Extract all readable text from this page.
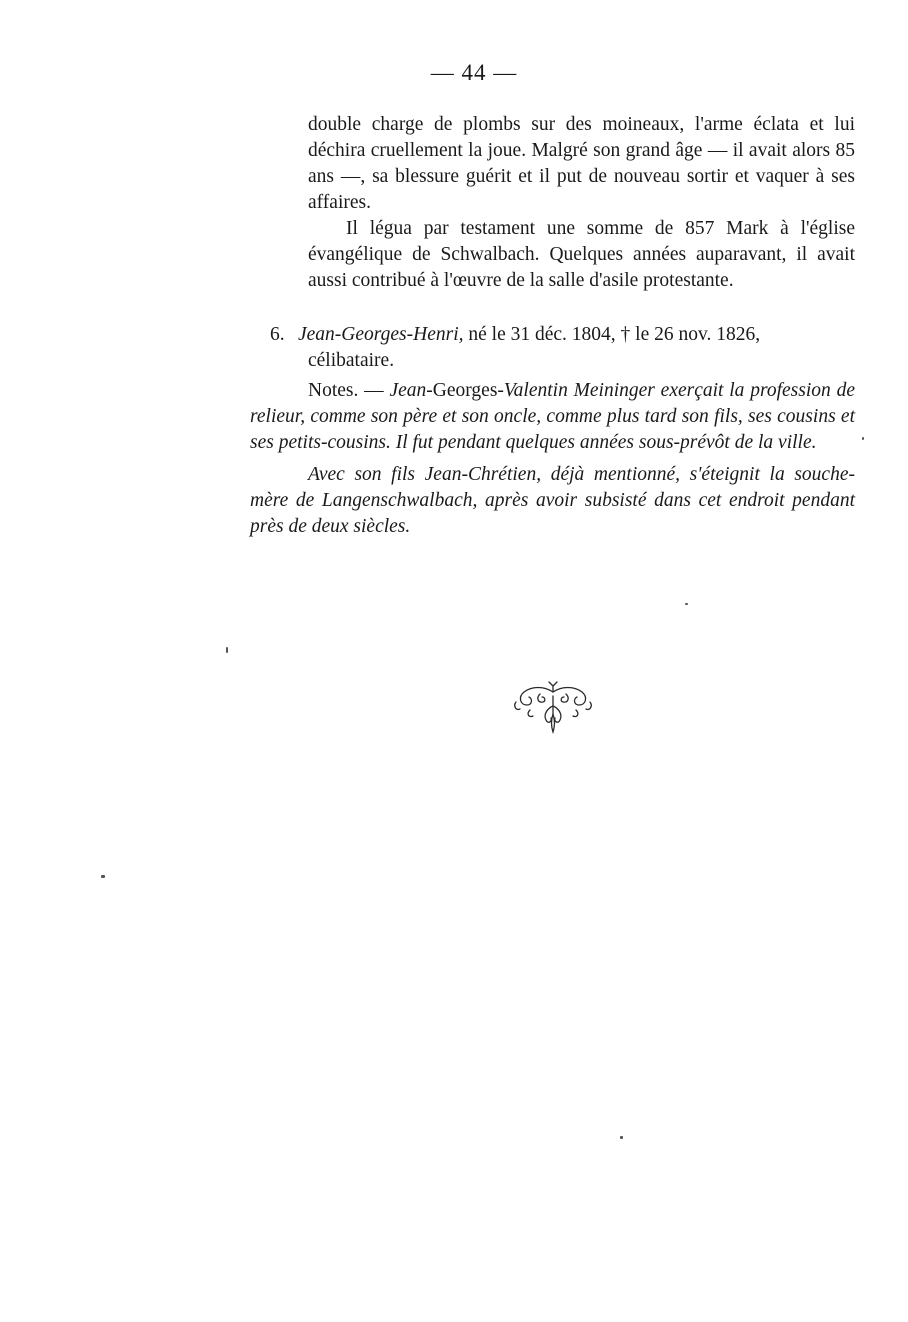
— 44 —

double charge de plombs sur des moineaux, l'arme éclata et lui déchira cruellement la joue. Malgré son grand âge — il avait alors 85 ans —, sa blessure guérit et il put de nouveau sortir et vaquer à ses affaires.

Il légua par testament une somme de 857 Mark à l'église évangélique de Schwalbach. Quelques années auparavant, il avait aussi contribué à l'œuvre de la salle d'asile protestante.

6. Jean-Georges-Henri, né le 31 déc. 1804, † le 26 nov. 1826,
célibataire.

Notes. — Jean-Georges-Valentin Meininger exerçait la profession de relieur, comme son père et son oncle, comme plus tard son fils, ses cousins et ses petits-cousins. Il fut pendant quelques années sous-prévôt de la ville.

Avec son fils Jean-Chrétien, déjà mentionné, s'éteignit la souche-mère de Langenschwalbach, après avoir subsisté dans cet endroit pendant près de deux siècles.
